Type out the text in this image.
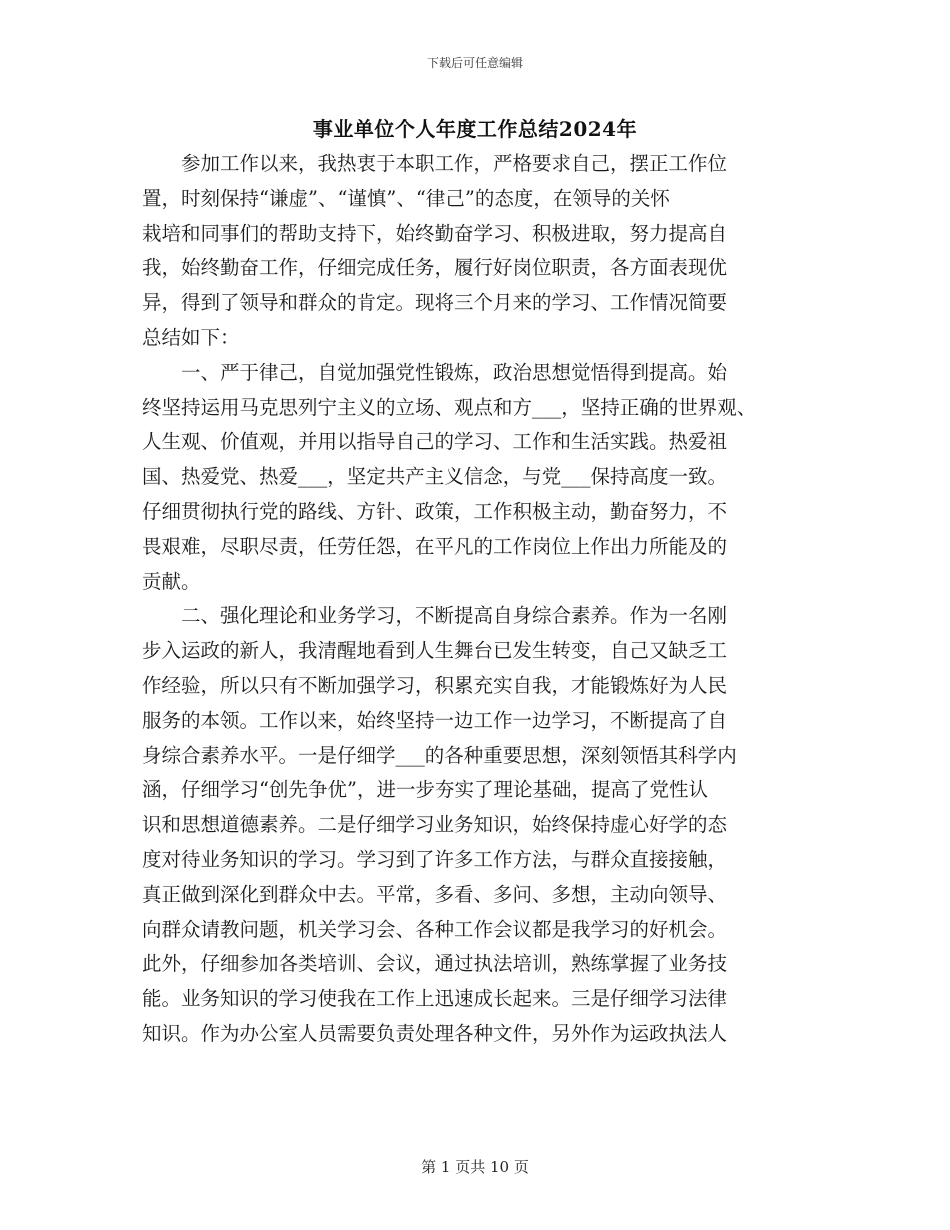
下载后可任意编辑
事业单位个人年度工作总结2024年
　　参加工作以来，我热衷于本职工作，严格要求自己，摆正工作位
置，时刻保持“谦虚”、“谨慎”、“律己”的态度，在领导的关怀
栽培和同事们的帮助支持下，始终勤奋学习、积极进取，努力提高自
我，始终勤奋工作，仔细完成任务，履行好岗位职责，各方面表现优
异，得到了领导和群众的肯定。现将三个月来的学习、工作情况简要
总结如下：
　　一、严于律己，自觉加强党性锻炼，政治思想觉悟得到提高。始
终坚持运用马克思列宁主义的立场、观点和方___，坚持正确的世界观、
人生观、价值观，并用以指导自己的学习、工作和生活实践。热爱祖
国、热爱党、热爱___，坚定共产主义信念，与党___保持高度一致。
仔细贯彻执行党的路线、方针、政策，工作积极主动，勤奋努力，不
畏艰难，尽职尽责，任劳任怨，在平凡的工作岗位上作出力所能及的
贡献。
　　二、强化理论和业务学习，不断提高自身综合素养。作为一名刚
步入运政的新人，我清醒地看到人生舞台已发生转变，自己又缺乏工
作经验，所以只有不断加强学习，积累充实自我，才能锻炼好为人民
服务的本领。工作以来，始终坚持一边工作一边学习，不断提高了自
身综合素养水平。一是仔细学___的各种重要思想，深刻领悟其科学内
涵，仔细学习“创先争优”，进一步夯实了理论基础，提高了党性认
识和思想道德素养。二是仔细学习业务知识，始终保持虚心好学的态
度对待业务知识的学习。学习到了许多工作方法，与群众直接接触，
真正做到深化到群众中去。平常，多看、多问、多想，主动向领导、
向群众请教问题，机关学习会、各种工作会议都是我学习的好机会。
此外，仔细参加各类培训、会议，通过执法培训，熟练掌握了业务技
能。业务知识的学习使我在工作上迅速成长起来。三是仔细学习法律
知识。作为办公室人员需要负责处理各种文件，另外作为运政执法人
第 1 页共 10 页
